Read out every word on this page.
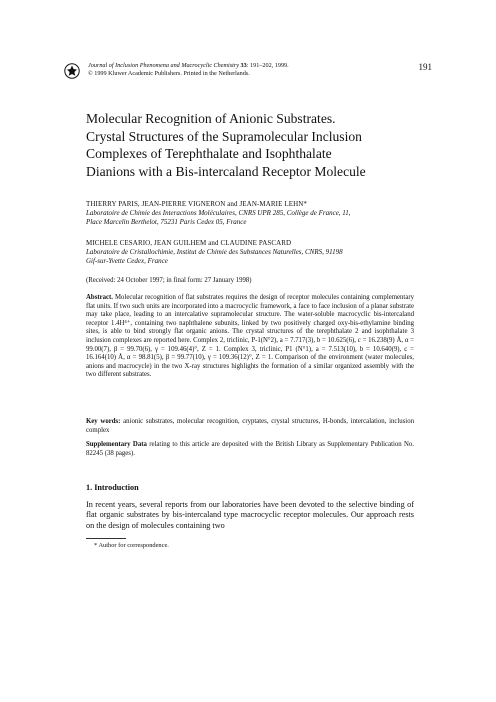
Journal of Inclusion Phenomena and Macrocyclic Chemistry 33: 191–202, 1999.
© 1999 Kluwer Academic Publishers. Printed in the Netherlands.
191
Molecular Recognition of Anionic Substrates.
Crystal Structures of the Supramolecular Inclusion
Complexes of Terephthalate and Isophthalate
Dianions with a Bis-intercaland Receptor Molecule
THIERRY PARIS, JEAN-PIERRE VIGNERON and JEAN-MARIE LEHN*
Laboratoire de Chimie des Interactions Moléculaires, CNRS UPR 285, Collège de France, 11,
Place Marcelin Berthelot, 75231 Paris Cedex 05, France
MICHELE CESARIO, JEAN GUILHEM and CLAUDINE PASCARD
Laboratoire de Cristallochimie, Institut de Chimie des Substances Naturelles, CNRS, 91198
Gif-sur-Yvette Cedex, France
(Received: 24 October 1997; in final form: 27 January 1998)
Abstract. Molecular recognition of flat substrates requires the design of receptor molecules containing complementary flat units. If two such units are incorporated into a macrocyclic framework, a face to face inclusion of a planar substrate may take place, leading to an intercalative supramolecular structure. The water-soluble macrocyclic bis-intercaland receptor 1.4H⁴⁺, containing two naphthalene subunits, linked by two positively charged oxy-bis-ethylamine binding sites, is able to bind strongly flat organic anions. The crystal structures of the terephthalate 2 and isophthalate 3 inclusion complexes are reported here. Complex 2, triclinic, P-1(N°2), a = 7.717(3), b = 10.625(6), c = 16.238(9) Å, α = 99.00(7), β = 99.70(6), γ = 109.46(4)°, Z = 1. Complex 3, triclinic, P1 (N°1), a = 7.513(10), b = 10.640(9), c = 16.164(10) Å, α = 98.81(5), β = 99.77(10), γ = 109.36(12)°, Z = 1. Comparison of the environment (water molecules, anions and macrocycle) in the two X-ray structures highlights the formation of a similar organized assembly with the two different substrates.
Key words: anionic substrates, molecular recognition, cryptates, crystal structures, H-bonds, intercalation, inclusion complex
Supplementary Data relating to this article are deposited with the British Library as Supplementary Publication No. 82245 (38 pages).
1. Introduction
In recent years, several reports from our laboratories have been devoted to the selective binding of flat organic substrates by bis-intercaland type macrocyclic receptor molecules. Our approach rests on the design of molecules containing two
* Author for correspondence.
